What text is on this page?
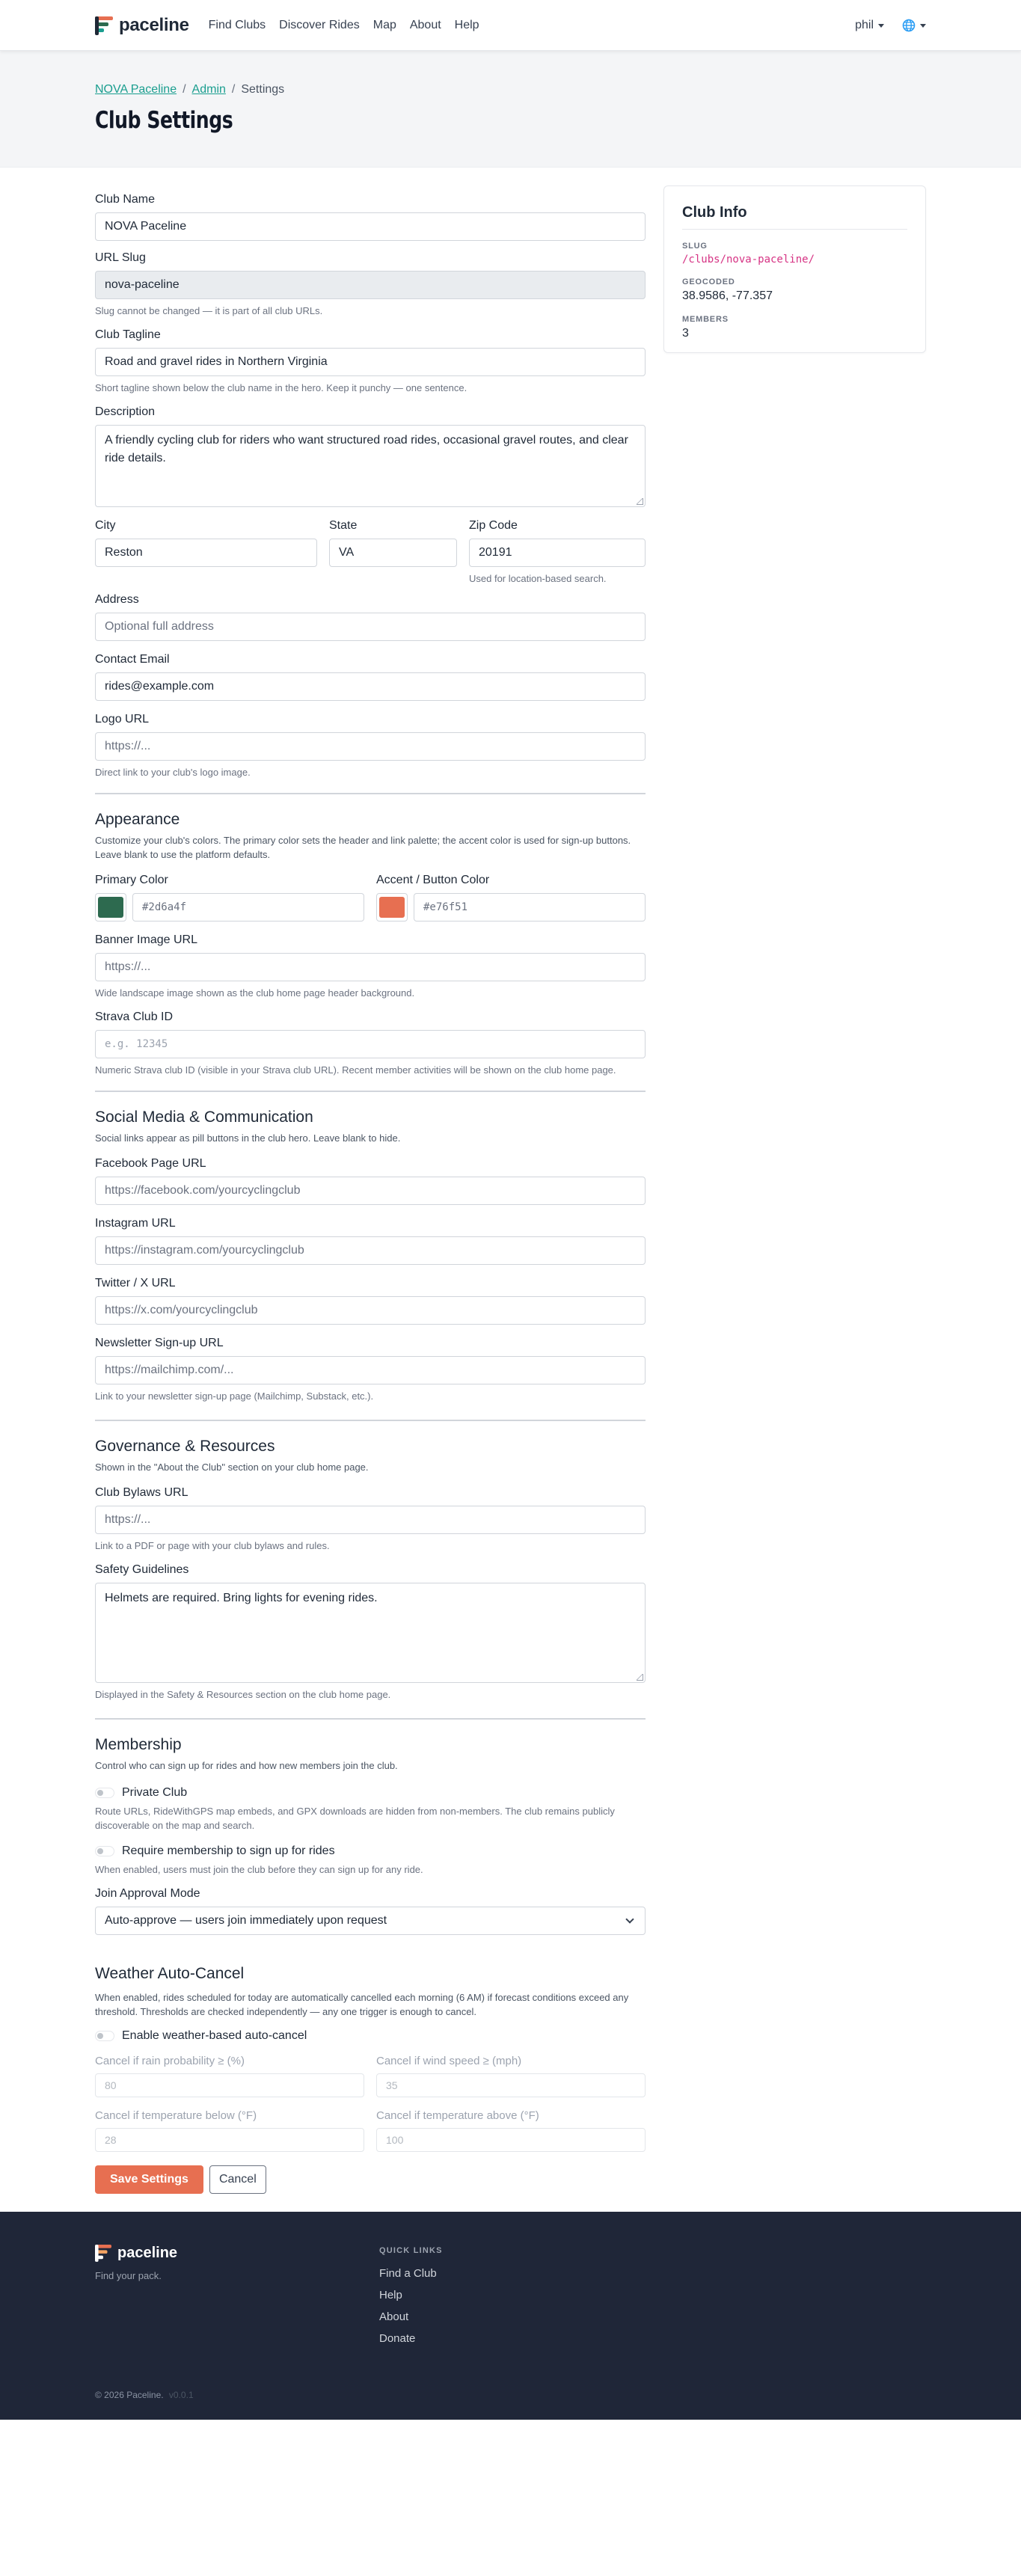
paceline Find Clubs	Discover Rides	Map	About	Help	phil
NOVA Paceline / Admin / Settings
Club Settings
Club Name
NOVA Paceline
URL Slug
nova-paceline
Slug cannot be changed — it is part of all club URLs.
Club Tagline
Road and gravel rides in Northern Virginia
Short tagline shown below the club name in the hero. Keep it punchy — one sentence.
Description
A friendly cycling club for riders who want structured road rides, occasional gravel routes, and clear ride details.
City
Reston
State
VA
Zip Code
20191
Used for location-based search.
Address
Optional full address
Contact Email
rides@example.com
Logo URL
https://...
Direct link to your club's logo image.
Appearance
Customize your club's colors. The primary color sets the header and link palette; the accent color is used for sign-up buttons. Leave blank to use the platform defaults.
Primary Color
#2d6a4f
Accent / Button Color
#e76f51
Banner Image URL
https://...
Wide landscape image shown as the club home page header background.
Strava Club ID
e.g. 12345
Numeric Strava club ID (visible in your Strava club URL). Recent member activities will be shown on the club home page.
Social Media & Communication
Social links appear as pill buttons in the club hero. Leave blank to hide.
Facebook Page URL
https://facebook.com/yourcyclingclub
Instagram URL
https://instagram.com/yourcyclingclub
Twitter / X URL
https://x.com/yourcyclingclub
Newsletter Sign-up URL
https://mailchimp.com/...
Link to your newsletter sign-up page (Mailchimp, Substack, etc.).
Governance & Resources
Shown in the "About the Club" section on your club home page.
Club Bylaws URL
https://...
Link to a PDF or page with your club bylaws and rules.
Safety Guidelines
Helmets are required. Bring lights for evening rides.
Displayed in the Safety & Resources section on the club home page.
Membership
Control who can sign up for rides and how new members join the club.
Private Club
Route URLs, RideWithGPS map embeds, and GPX downloads are hidden from non-members. The club remains publicly discoverable on the map and search.
Require membership to sign up for rides
When enabled, users must join the club before they can sign up for any ride.
Join Approval Mode
Auto-approve — users join immediately upon request
Weather Auto-Cancel
When enabled, rides scheduled for today are automatically cancelled each morning (6 AM) if forecast conditions exceed any threshold. Thresholds are checked independently — any one trigger is enough to cancel.
Enable weather-based auto-cancel
Cancel if rain probability ≥ (%)
80
Cancel if wind speed ≥ (mph)
35
Cancel if temperature below (°F)
28
Cancel if temperature above (°F)
100
Save Settings	Cancel
Club Info
SLUG
/clubs/nova-paceline/
GEOCODED
38.9586, -77.357
MEMBERS
3
paceline
Find your pack.
QUICK LINKS
Find a Club
Help
About
Donate
© 2026 Paceline. v0.0.1
